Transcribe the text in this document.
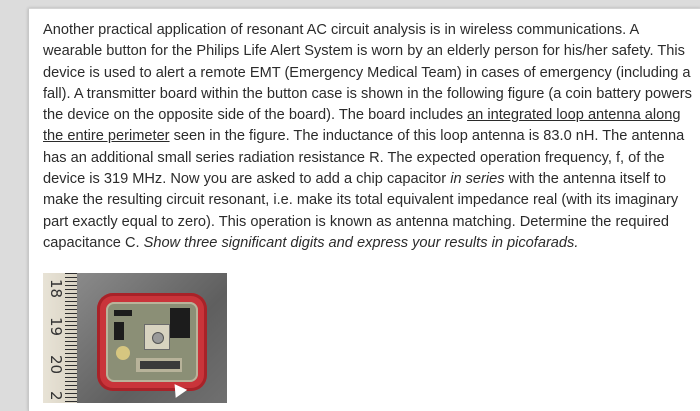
Another practical application of resonant AC circuit analysis is in wireless communications. A wearable button for the Philips Life Alert System is worn by an elderly person for his/her safety. This device is used to alert a remote EMT (Emergency Medical Team) in cases of emergency (including a fall). A transmitter board within the button case is shown in the following figure (a coin battery powers the device on the opposite side of the board). The board includes an integrated loop antenna along the entire perimeter seen in the figure. The inductance of this loop antenna is 83.0 nH. The antenna has an additional small series radiation resistance R. The expected operation frequency, f, of the device is 319 MHz. Now you are asked to add a chip capacitor in series with the antenna itself to make the resulting circuit resonant, i.e. make its total equivalent impedance real (with its imaginary part exactly equal to zero). This operation is known as antenna matching. Determine the required capacitance C. Show three significant digits and express your results in picofarads.

18
19
20
2
